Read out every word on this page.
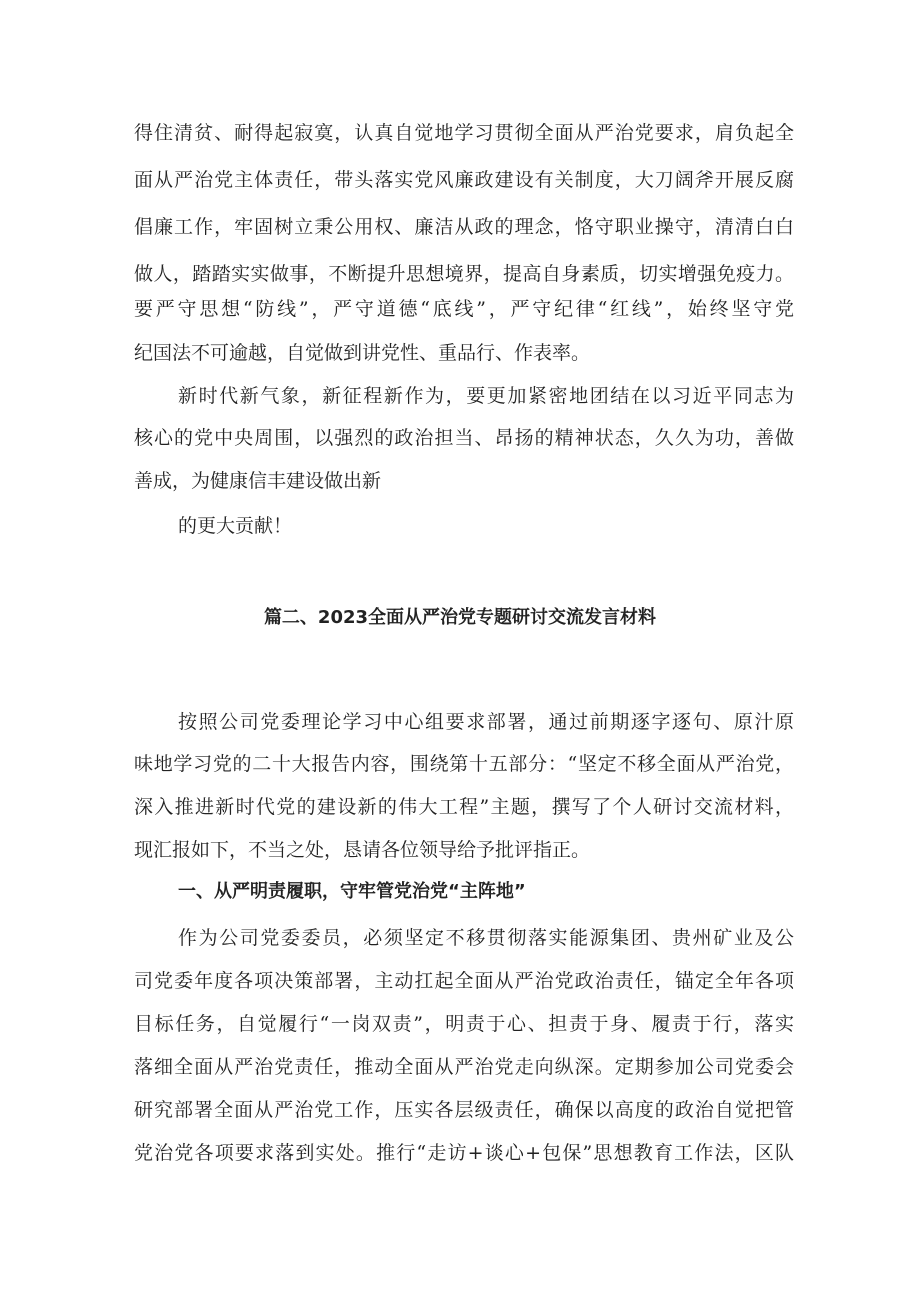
得住清贫、耐得起寂寞，认真自觉地学习贯彻全面从严治党要求，肩负起全
面从严治党主体责任，带头落实党风廉政建设有关制度，大刀阔斧开展反腐
倡廉工作，牢固树立秉公用权、廉洁从政的理念，恪守职业操守，清清白白
做人，踏踏实实做事，不断提升思想境界，提高自身素质，切实增强免疫力。
要严守思想“防线”，严守道德“底线”，严守纪律“红线”，始终坚守党
纪国法不可逾越，自觉做到讲党性、重品行、作表率。
新时代新气象，新征程新作为，要更加紧密地团结在以习近平同志为
核心的党中央周围，以强烈的政治担当、昂扬的精神状态，久久为功，善做
善成，为健康信丰建设做出新
的更大贡献！
篇二、2023全面从严治党专题研讨交流发言材料
按照公司党委理论学习中心组要求部署，通过前期逐字逐句、原汁原
味地学习党的二十大报告内容，围绕第十五部分：“坚定不移全面从严治党，
深入推进新时代党的建设新的伟大工程”主题，撰写了个人研讨交流材料，
现汇报如下，不当之处，恳请各位领导给予批评指正。
一、从严明责履职，守牢管党治党“主阵地”
作为公司党委委员，必须坚定不移贯彻落实能源集团、贵州矿业及公
司党委年度各项决策部署，主动扛起全面从严治党政治责任，锚定全年各项
目标任务，自觉履行“一岗双责”，明责于心、担责于身、履责于行，落实
落细全面从严治党责任，推动全面从严治党走向纵深。定期参加公司党委会
研究部署全面从严治党工作，压实各层级责任，确保以高度的政治自觉把管
党治党各项要求落到实处。推行“走访+谈心+包保”思想教育工作法，区队
